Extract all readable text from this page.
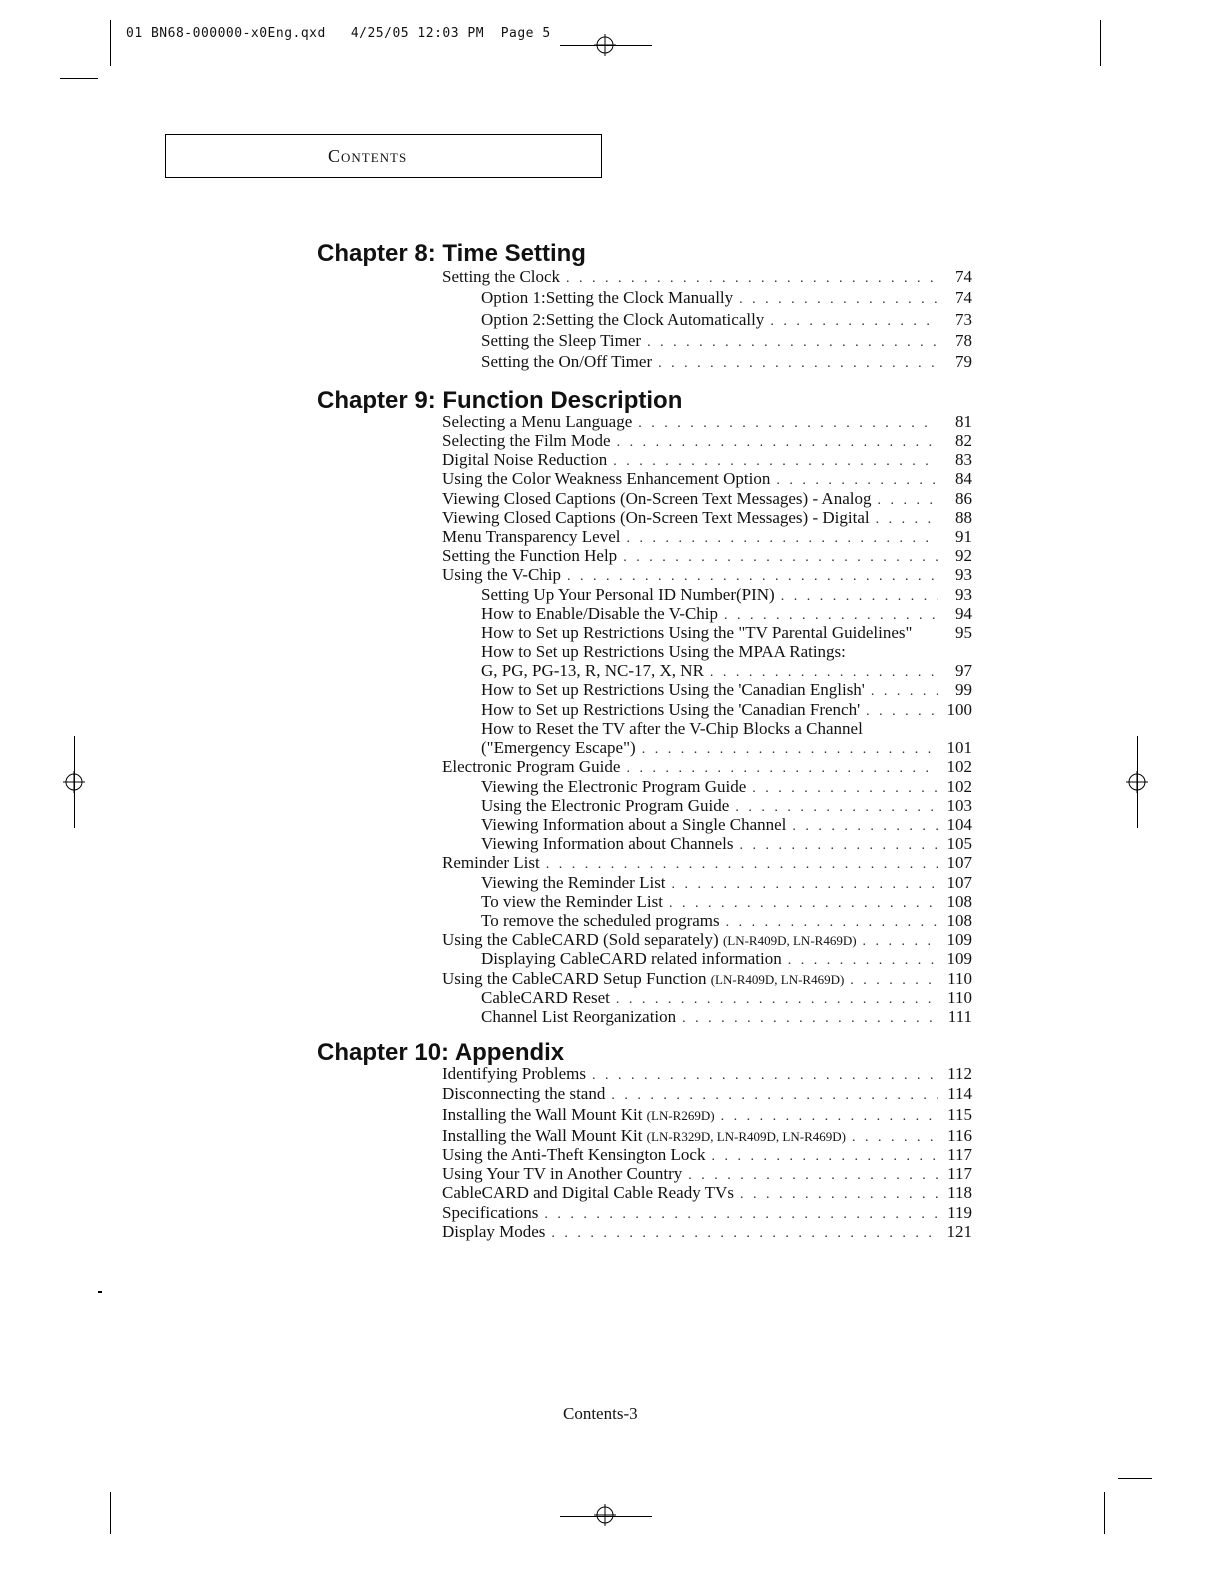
01 BN68-000000-x0Eng.qxd   4/25/05 12:03 PM  Page 5
Contents
Chapter 8: Time Setting
Setting the Clock . . .	74
Option 1:Setting the Clock Manually . . .	74
Option 2:Setting the Clock Automatically . . .	73
Setting the Sleep Timer . . .	78
Setting the On/Off Timer . . .	79
Chapter 9: Function Description
Selecting a Menu Language . . .	81
Selecting the Film Mode . . .	82
Digital Noise Reduction . . .	83
Using the Color Weakness Enhancement Option . . .	84
Viewing Closed Captions (On-Screen Text Messages) - Analog . . .	86
Viewing Closed Captions (On-Screen Text Messages) - Digital . . .	88
Menu Transparency Level . . .	91
Setting the Function Help . . .	92
Using the V-Chip . . .	93
Setting Up Your Personal ID Number(PIN) . . .	93
How to Enable/Disable the V-Chip . . .	94
How to Set up Restrictions Using the "TV Parental Guidelines"	95
How to Set up Restrictions Using the MPAA Ratings:
G, PG, PG-13, R, NC-17, X, NR . . .	97
How to Set up Restrictions Using the 'Canadian English' . . .	99
How to Set up Restrictions Using the 'Canadian French' . . .	100
How to Reset the TV after the V-Chip Blocks a Channel
("Emergency Escape") . . .	101
Electronic Program Guide . . .	102
Viewing the Electronic Program Guide . . .	102
Using the Electronic Program Guide . . .	103
Viewing Information about a Single Channel . . .	104
Viewing Information about Channels . . .	105
Reminder List . . .	107
Viewing the Reminder List . . .	107
To view the Reminder List . . .	108
To remove the scheduled programs . . .	108
Using the CableCARD (Sold separately) (LN-R409D, LN-R469D) . . .	109
Displaying CableCARD related information . . .	109
Using the CableCARD Setup Function (LN-R409D, LN-R469D) . . .	110
CableCARD Reset . . .	110
Channel List Reorganization . . .	111
Chapter 10: Appendix
Identifying Problems . . .	112
Disconnecting the stand . . .	114
Installing the Wall Mount Kit (LN-R269D) . . .	115
Installing the Wall Mount Kit (LN-R329D, LN-R409D, LN-R469D) . . .	116
Using the Anti-Theft Kensington Lock . . .	117
Using Your TV in Another Country . . .	117
CableCARD and Digital Cable Ready TVs . . .	118
Specifications . . .	119
Display Modes . . .	121
Contents-3
